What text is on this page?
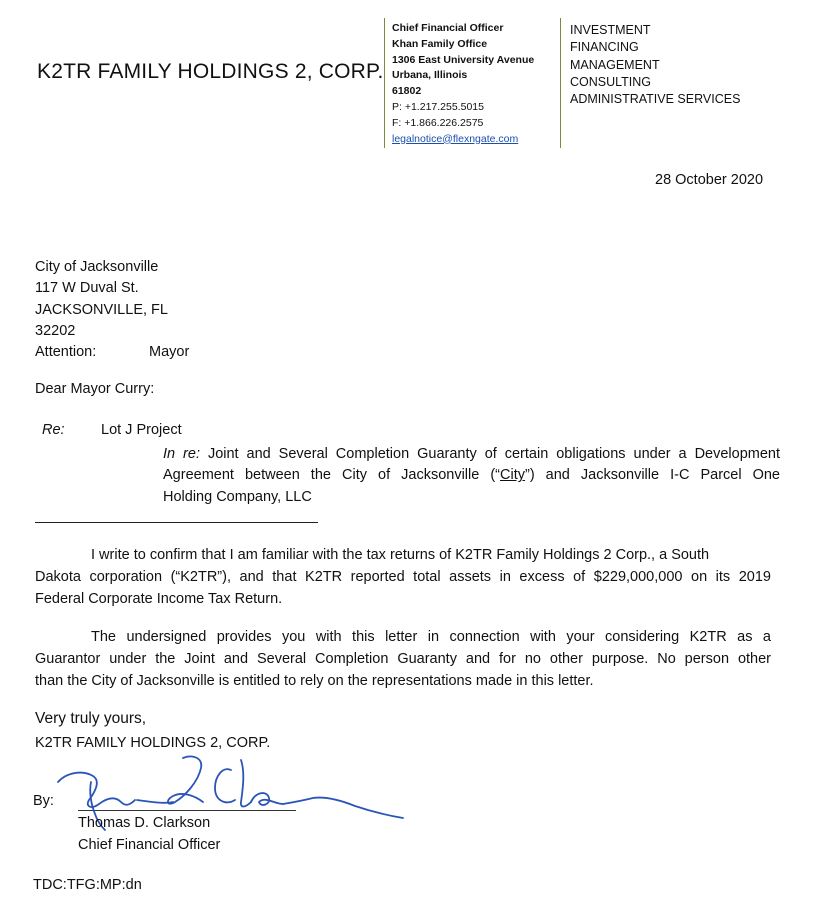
K2TR FAMILY HOLDINGS 2, CORP.
Chief Financial Officer
Khan Family Office
1306 East University Avenue
Urbana, Illinois
61802
P: +1.217.255.5015
F: +1.866.226.2575
legalnotice@flexngate.com
INVESTMENT
FINANCING
MANAGEMENT
CONSULTING
ADMINISTRATIVE SERVICES
28 October 2020
City of Jacksonville
117 W Duval St.
JACKSONVILLE, FL
32202
Attention:	Mayor
Dear Mayor Curry:
Re:	Lot J Project
In re: Joint and Several Completion Guaranty of certain obligations under a Development
Agreement between the City of Jacksonville (“City”) and Jacksonville I-C Parcel One
Holding Company, LLC
I write to confirm that I am familiar with the tax returns of K2TR Family Holdings 2 Corp., a South
Dakota corporation (“K2TR”), and that K2TR reported total assets in excess of $229,000,000 on its 2019
Federal Corporate Income Tax Return.
The undersigned provides you with this letter in connection with your considering K2TR as a
Guarantor under the Joint and Several Completion Guaranty and for no other purpose. No person other
than the City of Jacksonville is entitled to rely on the representations made in this letter.
Very truly yours,
K2TR FAMILY HOLDINGS 2, CORP.
By:
Thomas D. Clarkson
Chief Financial Officer
TDC:TFG:MP:dn
